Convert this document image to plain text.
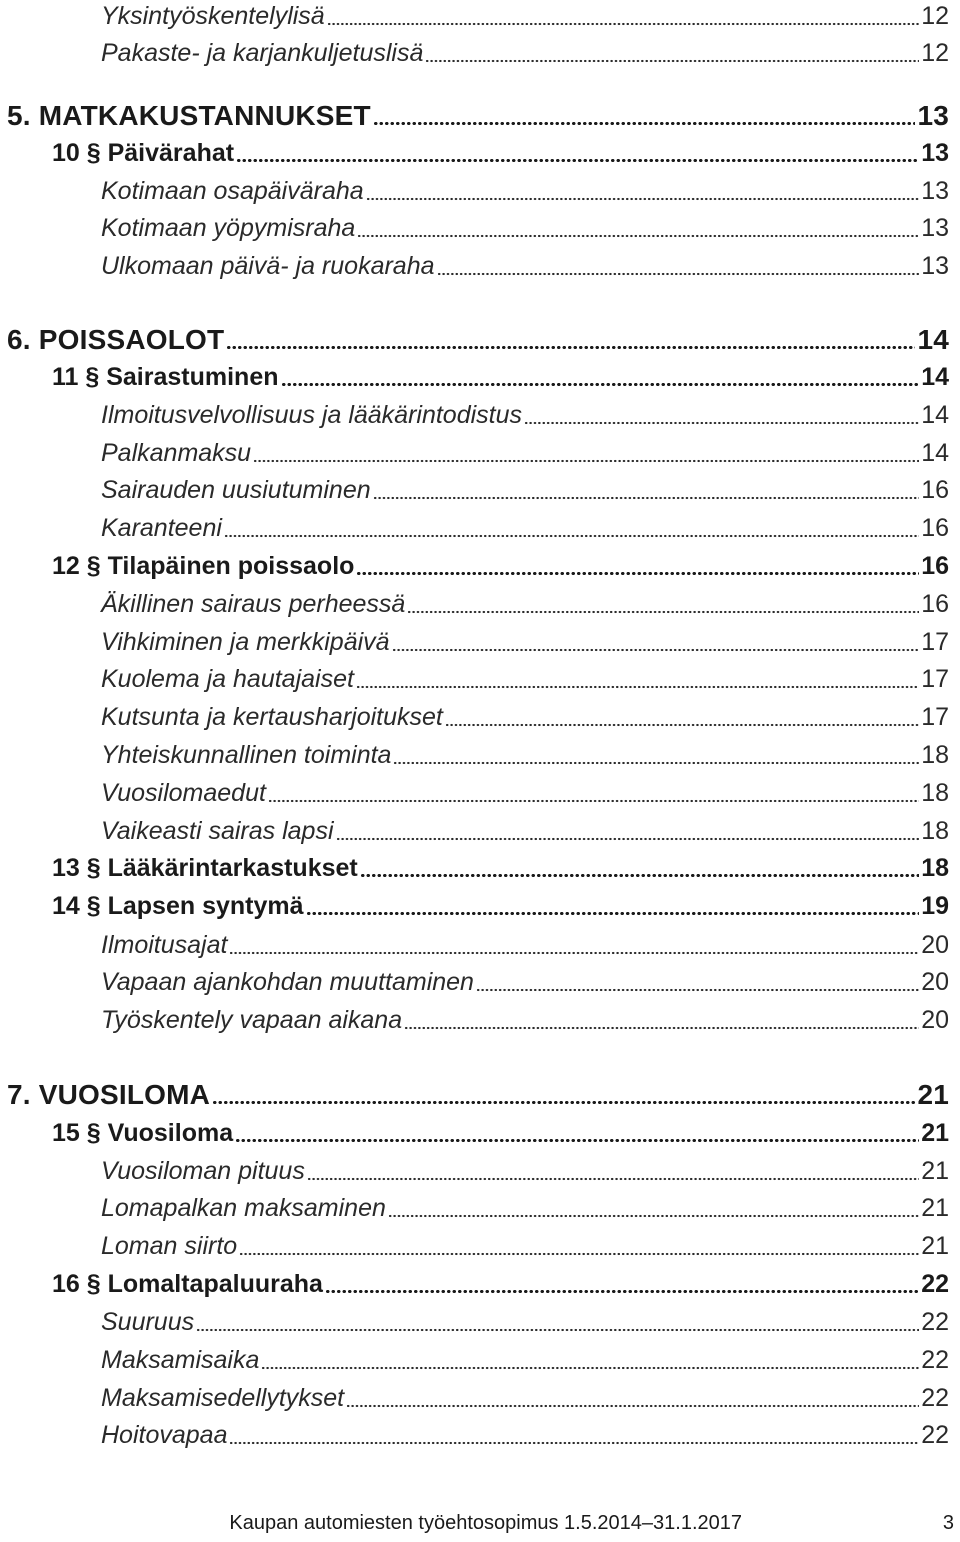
Yksintyöskentelylisä	12
Pakaste- ja karjankuljetuslisä	12
5. MATKAKUSTANNUKSET	13
10 § Päivärahat	13
Kotimaan osapäiväraha	13
Kotimaan yöpymisraha	13
Ulkomaan päivä- ja ruokaraha	13
6. POISSAOLOT	14
11 § Sairastuminen	14
Ilmoitusvelvollisuus ja lääkärintodistus	14
Palkanmaksu	14
Sairauden uusiutuminen	16
Karanteeni	16
12 § Tilapäinen poissaolo	16
Äkillinen sairaus perheessä	16
Vihkiminen ja merkkipäivä	17
Kuolema ja hautajaiset	17
Kutsunta ja kertausharjoitukset	17
Yhteiskunnallinen toiminta	18
Vuosilomaedut	18
Vaikeasti sairas lapsi	18
13 § Lääkärintarkastukset	18
14 § Lapsen syntymä	19
Ilmoitusajat	20
Vapaan ajankohdan muuttaminen	20
Työskentely vapaan aikana	20
7. VUOSILOMA	21
15 § Vuosiloma	21
Vuosiloman pituus	21
Lomapalkan maksaminen	21
Loman siirto	21
16 § Lomaltapaluuraha	22
Suuruus	22
Maksamisaika	22
Maksamisedellytykset	22
Hoitovapaa	22
Kaupan automiesten työehtosopimus 1.5.2014–31.1.2017	3
